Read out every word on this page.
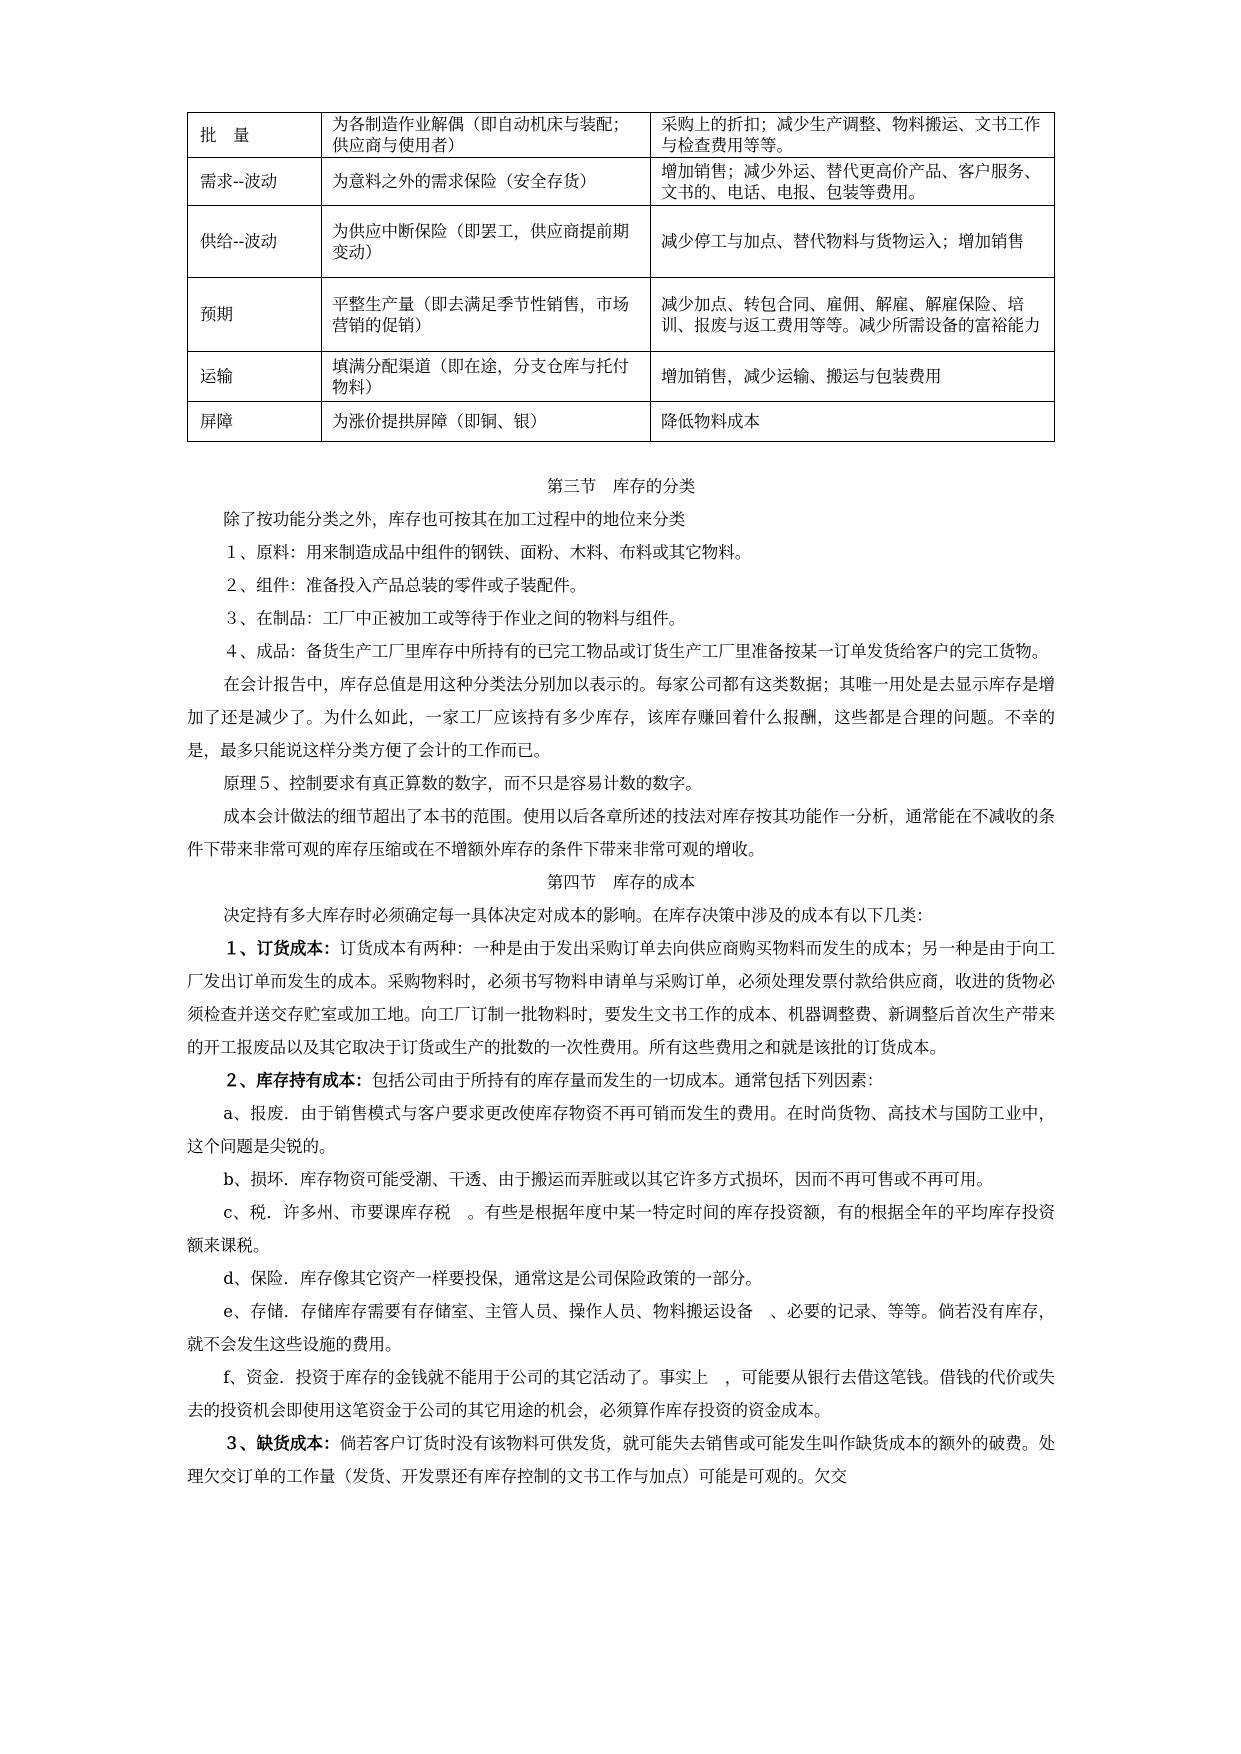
批　量	为各制造作业解偶（即自动机床与装配；供应商与使用者）	采购上的折扣；减少生产调整、物料搬运、文书工作与检查费用等等。
需求--波动	为意料之外的需求保险（安全存货）	增加销售；减少外运、替代更高价产品、客户服务、文书的、电话、电报、包装等费用。
供给--波动	为供应中断保险（即罢工，供应商提前期变动）	减少停工与加点、替代物料与货物运入；增加销售
预期	平整生产量（即去满足季节性销售，市场营销的促销）	减少加点、转包合同、雇佣、解雇、解雇保险、培训、报废与返工费用等等。减少所需设备的富裕能力
运输	填满分配渠道（即在途，分支仓库与托付物料）	增加销售，减少运输、搬运与包装费用
屏障	为涨价提拱屏障（即铜、银）	降低物料成本

第三节　库存的分类

除了按功能分类之外，库存也可按其在加工过程中的地位来分类

１、原料：用来制造成品中组件的钢铁、面粉、木料、布料或其它物料。

２、组件：准备投入产品总装的零件或子装配件。

３、在制品：工厂中正被加工或等待于作业之间的物料与组件。

４、成品：备货生产工厂里库存中所持有的已完工物品或订货生产工厂里准备按某一订单发货给客户的完工货物。

在会计报告中，库存总值是用这种分类法分别加以表示的。每家公司都有这类数据；其唯一用处是去显示库存是增加了还是减少了。为什么如此，一家工厂应该持有多少库存，该库存赚回着什么报酬，这些都是合理的问题。不幸的是，最多只能说这样分类方便了会计的工作而已。

原理５、控制要求有真正算数的数字，而不只是容易计数的数字。

成本会计做法的细节超出了本书的范围。使用以后各章所述的技法对库存按其功能作一分析，通常能在不减收的条件下带来非常可观的库存压缩或在不增额外库存的条件下带来非常可观的增收。

第四节　库存的成本

决定持有多大库存时必须确定每一具体决定对成本的影响。在库存决策中涉及的成本有以下几类：

１、订货成本：订货成本有两种：一种是由于发出采购订单去向供应商购买物料而发生的成本；另一种是由于向工厂发出订单而发生的成本。采购物料时，必须书写物料申请单与采购订单，必须处理发票付款给供应商，收进的货物必须检查并送交存贮室或加工地。向工厂订制一批物料时，要发生文书工作的成本、机器调整费、新调整后首次生产带来的开工报废品以及其它取决于订货或生产的批数的一次性费用。所有这些费用之和就是该批的订货成本。

２、库存持有成本：包括公司由于所持有的库存量而发生的一切成本。通常包括下列因素：

a、报废．由于销售模式与客户要求更改使库存物资不再可销而发生的费用。在时尚货物、高技术与国防工业中，这个问题是尖锐的。

b、损坏．库存物资可能受潮、干透、由于搬运而弄脏或以其它许多方式损坏，因而不再可售或不再可用。

c、税．许多州、市要课库存税　。有些是根据年度中某一特定时间的库存投资额，有的根据全年的平均库存投资额来课税。

d、保险．库存像其它资产一样要投保，通常这是公司保险政策的一部分。

e、存储．存储库存需要有存储室、主管人员、操作人员、物料搬运设备　、必要的记录、等等。倘若没有库存，就不会发生这些设施的费用。

f、资金．投资于库存的金钱就不能用于公司的其它活动了。事实上　，可能要从银行去借这笔钱。借钱的代价或失去的投资机会即使用这笔资金于公司的其它用途的机会，必须算作库存投资的资金成本。

３、缺货成本：倘若客户订货时没有该物料可供发货，就可能失去销售或可能发生叫作缺货成本的额外的破费。处理欠交订单的工作量（发货、开发票还有库存控制的文书工作与加点）可能是可观的。欠交
